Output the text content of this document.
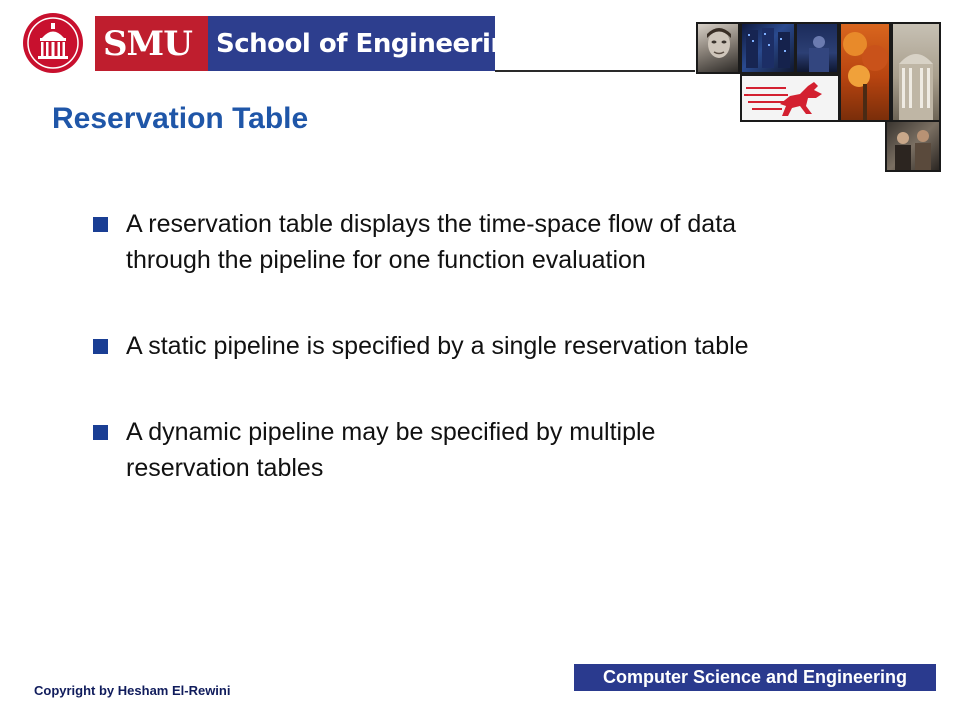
SMU School of Engineering
Reservation Table
A reservation table displays the time-space flow of data through the pipeline for one function evaluation
A static pipeline is specified by a single reservation table
A dynamic pipeline may be specified by multiple reservation tables
Copyright by Hesham El-Rewini
Computer Science and Engineering
